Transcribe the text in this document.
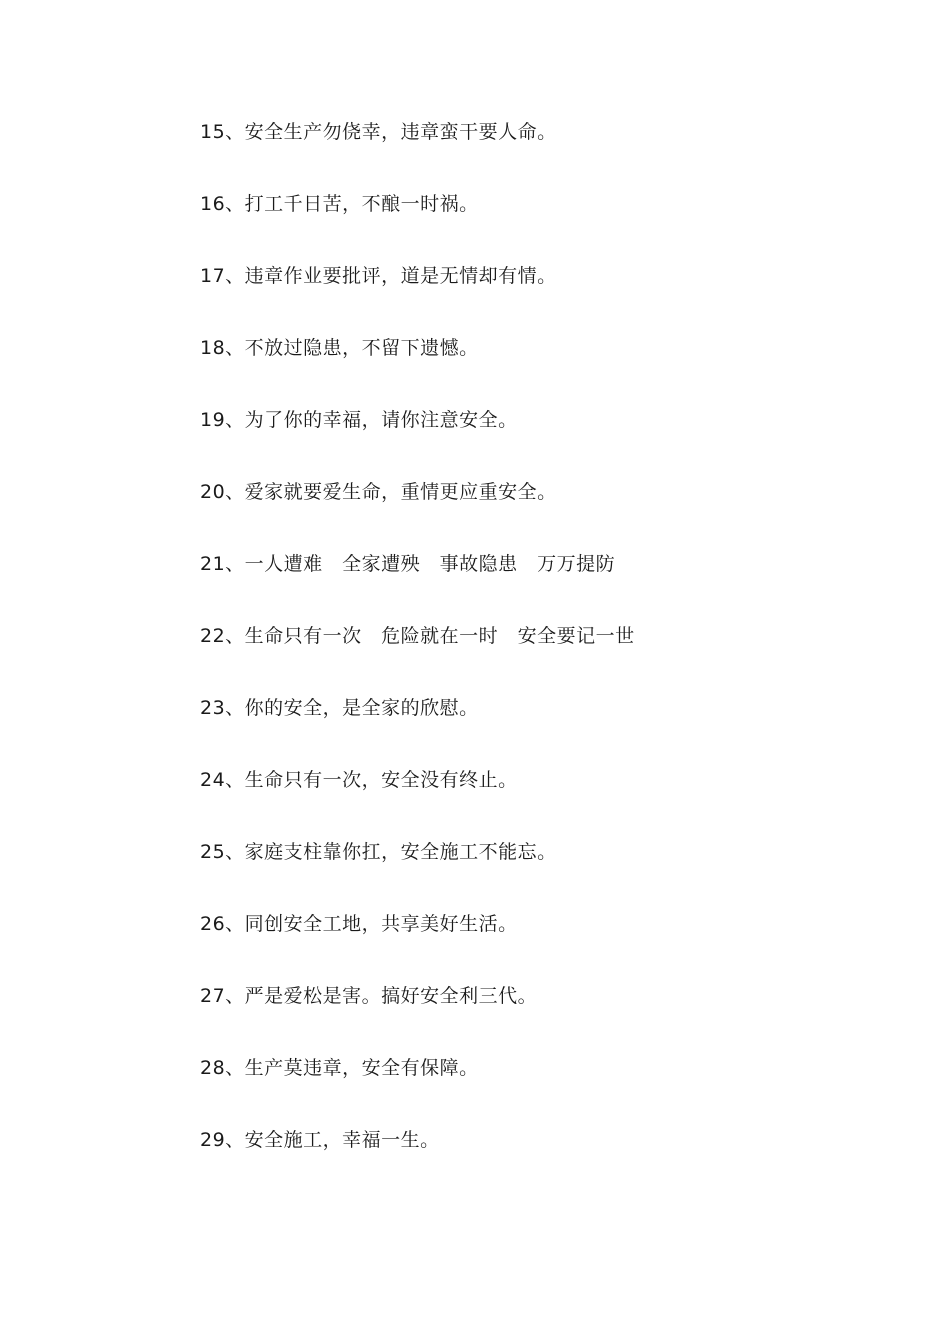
15、安全生产勿侥幸，违章蛮干要人命。
16、打工千日苦，不酿一时祸。
17、违章作业要批评，道是无情却有情。
18、不放过隐患，不留下遗憾。
19、为了你的幸福，请你注意安全。
20、爱家就要爱生命，重情更应重安全。
21、一人遭难　全家遭殃　事故隐患　万万提防
22、生命只有一次　危险就在一时　安全要记一世
23、你的安全，是全家的欣慰。
24、生命只有一次，安全没有终止。
25、家庭支柱靠你扛，安全施工不能忘。
26、同创安全工地，共享美好生活。
27、严是爱松是害。搞好安全利三代。
28、生产莫违章，安全有保障。
29、安全施工，幸福一生。
